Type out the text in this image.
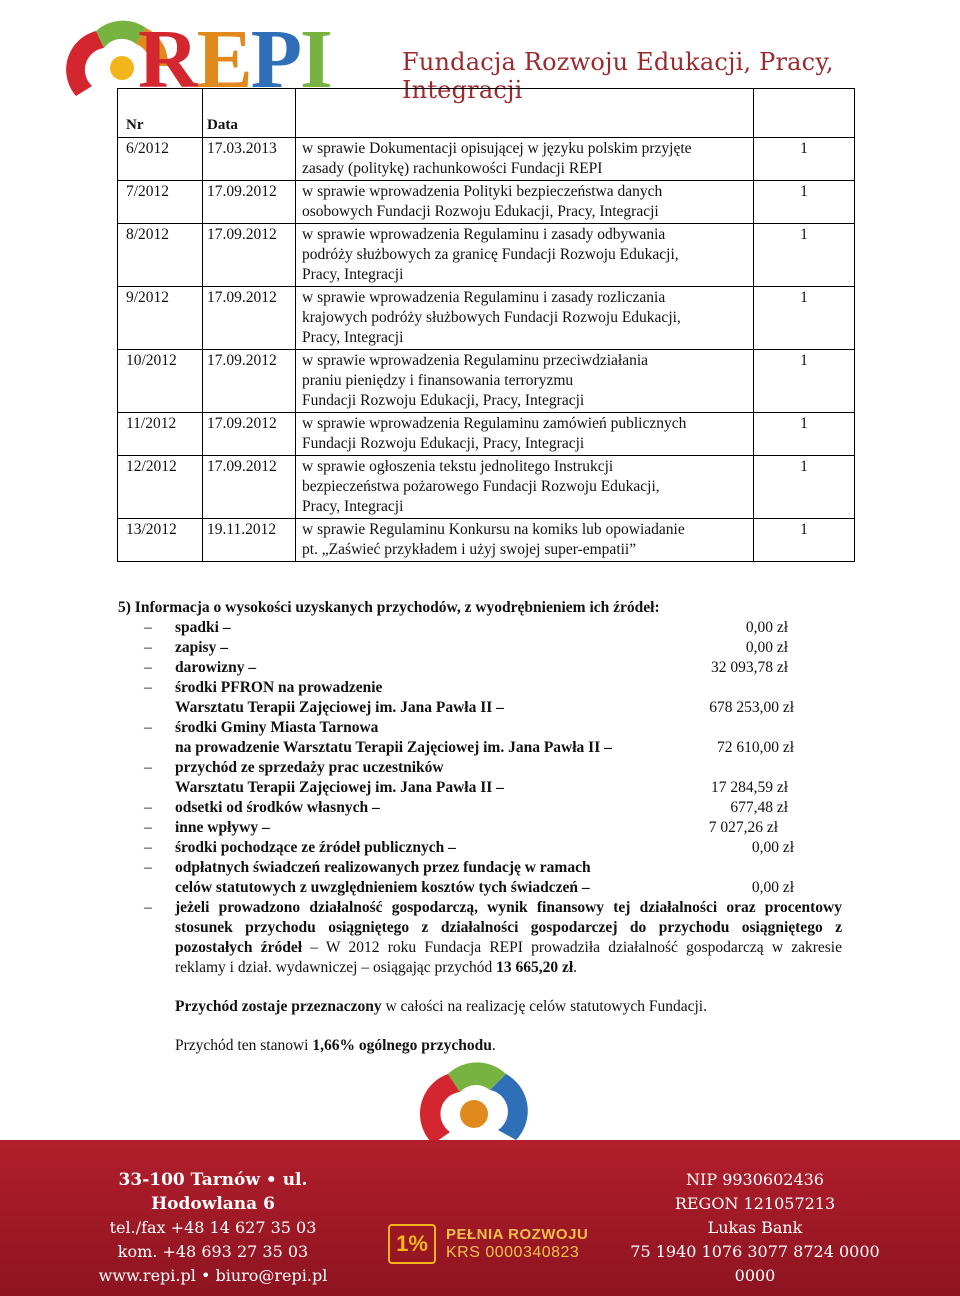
REPI	Fundacja Rozwoju Edukacji, Pracy, Integracji
Nr	Data		
6/2012	17.03.2013	w sprawie Dokumentacji opisującej w języku polskim przyjęte
zasady (politykę) rachunkowości Fundacji REPI	1
7/2012	17.09.2012	w sprawie wprowadzenia Polityki bezpieczeństwa danych
osobowych Fundacji Rozwoju Edukacji, Pracy, Integracji	1
8/2012	17.09.2012	w sprawie wprowadzenia Regulaminu i zasady odbywania
podróży służbowych za granicę Fundacji Rozwoju Edukacji,
Pracy, Integracji	1
9/2012	17.09.2012	w sprawie wprowadzenia Regulaminu i zasady rozliczania
krajowych podróży służbowych Fundacji Rozwoju Edukacji,
Pracy, Integracji	1
10/2012	17.09.2012	w sprawie wprowadzenia Regulaminu przeciwdziałania
praniu pieniędzy i finansowania terroryzmu
Fundacji Rozwoju Edukacji, Pracy, Integracji	1
11/2012	17.09.2012	w sprawie wprowadzenia Regulaminu zamówień publicznych
Fundacji Rozwoju Edukacji, Pracy, Integracji	1
12/2012	17.09.2012	w sprawie ogłoszenia tekstu jednolitego Instrukcji
bezpieczeństwa pożarowego Fundacji Rozwoju Edukacji,
Pracy, Integracji	1
13/2012	19.11.2012	w sprawie Regulaminu Konkursu na komiks lub opowiadanie
pt. „Zaświeć przykładem i użyj swojej super-empatii”	1
5) Informacja o wysokości uzyskanych przychodów, z wyodrębnieniem ich źródeł:
– spadki –	0,00 zł
– zapisy –	0,00 zł
– darowizny –	32 093,78 zł
– środki PFRON na prowadzenie
Warsztatu Terapii Zajęciowej im. Jana Pawła II –	678 253,00 zł
– środki Gminy Miasta Tarnowa
na prowadzenie Warsztatu Terapii Zajęciowej im. Jana Pawła II –	72 610,00 zł
– przychód ze sprzedaży prac uczestników
Warsztatu Terapii Zajęciowej im. Jana Pawła II –	17 284,59 zł
– odsetki od środków własnych –	677,48 zł
– inne wpływy –	7 027,26 zł
– środki pochodzące ze źródeł publicznych –	0,00 zł
– odpłatnych świadczeń realizowanych przez fundację w ramach
celów statutowych z uwzględnieniem kosztów tych świadczeń –	0,00 zł
– jeżeli prowadzono działalność gospodarczą, wynik finansowy tej działalności oraz procentowy stosunek przychodu osiągniętego z działalności gospodarczej do przychodu osiągniętego z pozostałych źródeł – W 2012 roku Fundacja REPI prowadziła działalność gospodarczą w zakresie reklamy i dział. wydawniczej – osiągając przychód 13 665,20 zł.
Przychód zostaje przeznaczony w całości na realizację celów statutowych Fundacji.
Przychód ten stanowi 1,66% ogólnego przychodu.
33-100 Tarnów • ul. Hodowlana 6
tel./fax +48 14 627 35 03
kom. +48 693 27 35 03
www.repi.pl • biuro@repi.pl
1%	PEŁNIA ROZWOJU
KRS 0000340823
NIP 9930602436
REGON 121057213
Lukas Bank
75 1940 1076 3077 8724 0000 0000
